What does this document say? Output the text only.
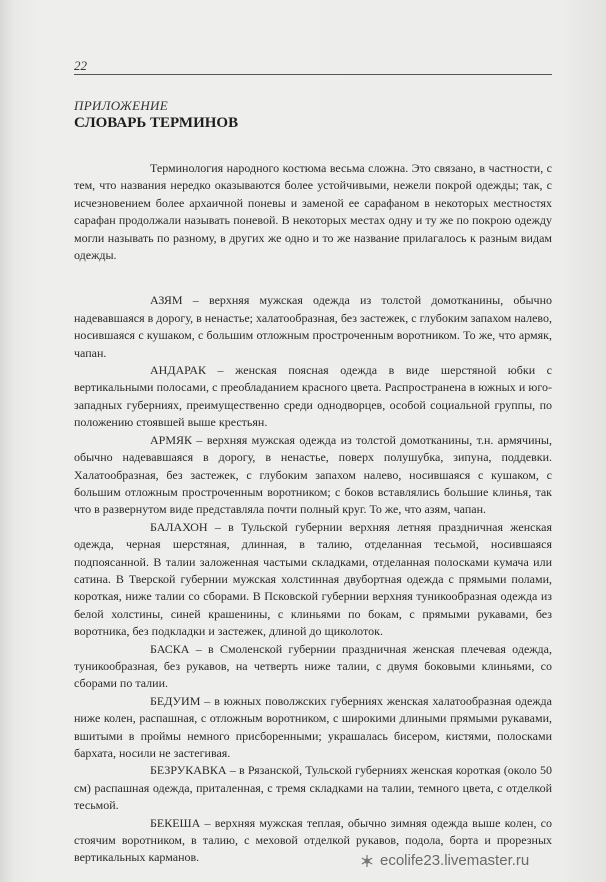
22
ПРИЛОЖЕНИЕ
СЛОВАРЬ ТЕРМИНОВ

Терминология народного костюма весьма сложна. Это связано, в частности, с тем, что названия нередко оказываются более устойчивыми, нежели покрой одежды; так, с исчезновением более архаичной поневы и заменой ее сарафаном в некоторых местностях сарафан продолжали называть поневой. В некоторых местах одну и ту же по покрою одежду могли называть по разному, в других же одно и то же название прилагалось к разным видам одежды.

АЗЯМ – верхняя мужская одежда из толстой домотканины, обычно надевавшаяся в дорогу, в ненастье; халатообразная, без застежек, с глубоким запахом налево, носившаяся с кушаком, с большим отложным простроченным воротником. То же, что армяк, чапан.

АНДАРАК – женская поясная одежда в виде шерстяной юбки с вертикальными полосами, с преобладанием красного цвета. Распространена в южных и юго-западных губерниях, преимущественно среди однодворцев, особой социальной группы, по положению стоявшей выше крестьян.

АРМЯК – верхняя мужская одежда из толстой домотканины, т.н. армячины, обычно надевавшаяся в дорогу, в ненастье, поверх полушубка, зипуна, поддевки. Халатообразная, без застежек, с глубоким запахом налево, носившаяся с кушаком, с большим отложным простроченным воротником; с боков вставлялись большие клинья, так что в развернутом виде представляла почти полный круг. То же, что азям, чапан.

БАЛАХОН – в Тульской губернии верхняя летняя праздничная женская одежда, черная шерстяная, длинная, в талию, отделанная тесьмой, носившаяся подпоясанной. В талии заложенная частыми складками, отделанная полосками кумача или сатина. В Тверской губернии мужская холстинная двубортная одежда с прямыми полами, короткая, ниже талии со сборами. В Псковской губернии верхняя туникообразная одежда из белой холстины, синей крашенины, с клиньями по бокам, с прямыми рукавами, без воротника, без подкладки и застежек, длиной до щиколоток.

БАСКА – в Смоленской губернии праздничная женская плечевая одежда, туникообразная, без рукавов, на четверть ниже талии, с двумя боковыми клиньями, со сборами по талии.

БЕДУИМ – в южных поволжских губерниях женская халатообразная одежда ниже колен, распашная, с отложным воротником, с широкими длиными прямыми рукавами, вшитыми в проймы немного присборенными; украшалась бисером, кистями, полосками бархата, носили не застегивая.

БЕЗРУКАВКА – в Рязанской, Тульской губерниях женская короткая (около 50 см) распашная одежда, приталенная, с тремя складками на талии, темного цвета, с отделкой тесьмой.

БЕКЕША – верхняя мужская теплая, обычно зимняя одежда выше колен, со стоячим воротником, в талию, с меховой отделкой рукавов, подола, борта и прорезных вертикальных карманов.	ecolife23.livemaster.ru
